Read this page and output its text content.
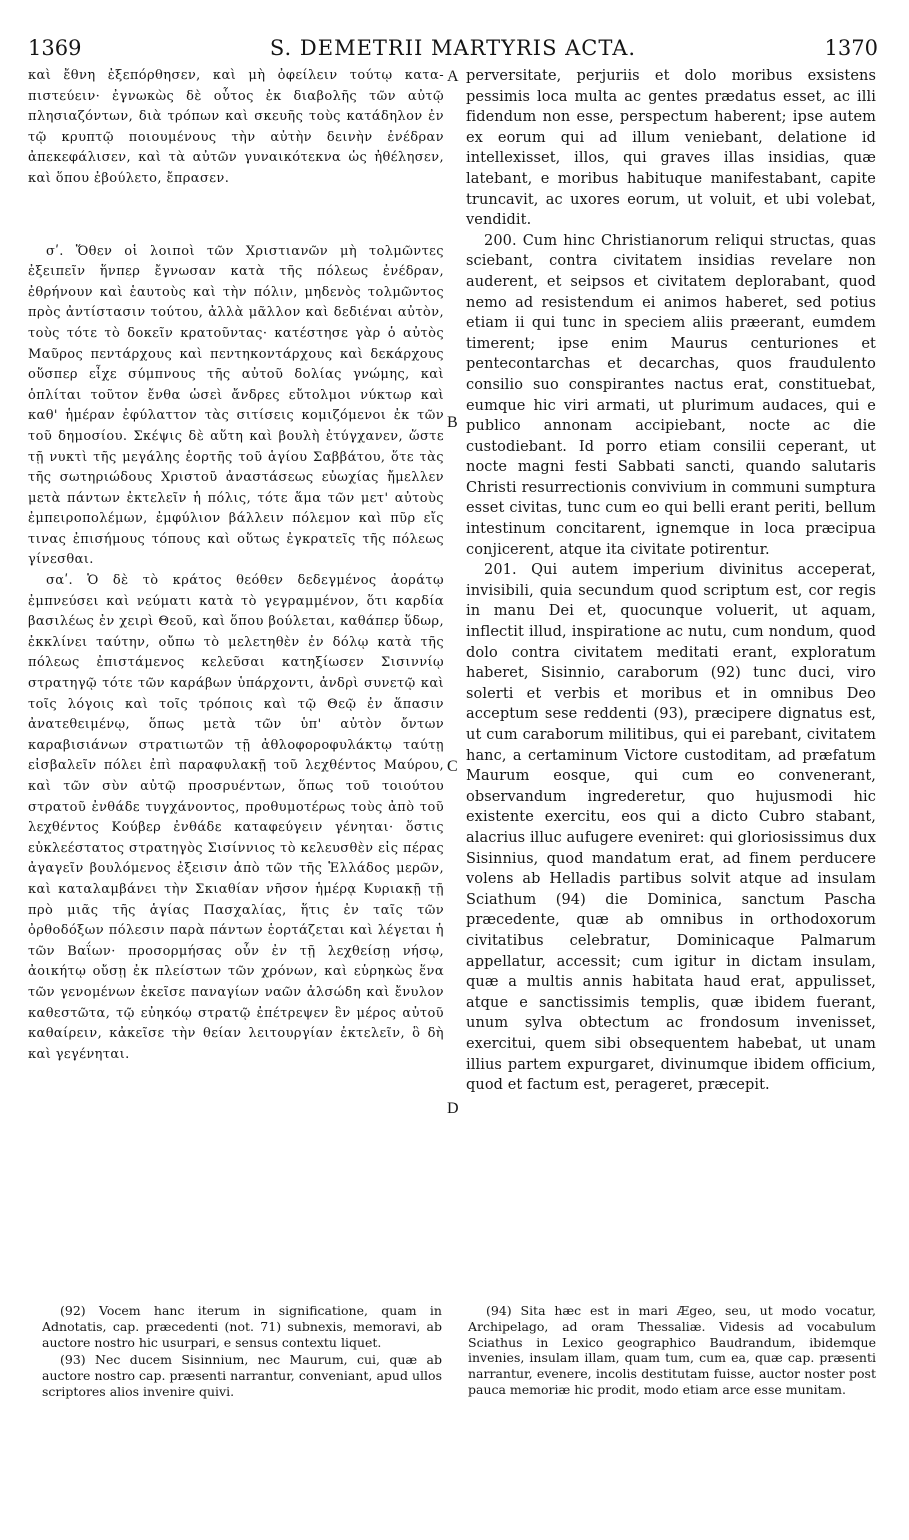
1369	S. DEMETRII MARTYRIS ACTA.	1370

καὶ ἔθνη ἐξεπόρθησεν, καὶ μὴ ὀφείλειν τούτῳ κατα-πιστεύειν· ἐγνωκὼς δὲ οὗτος ἐκ διαβολῆς τῶν αὐτῷ πλησιαζόντων, διὰ τρόπων καὶ σκευῆς τοὺς κατάδηλον ἐν τῷ κρυπτῷ ποιουμένους τὴν αὐτὴν δεινὴν ἐνέδραν ἀπεκεφάλισεν, καὶ τὰ αὐτῶν γυναικότεκνα ὡς ἠθέλησεν, καὶ ὅπου ἐβούλετο, ἔπρασεν.

σʹ. Ὅθεν οἱ λοιποὶ τῶν Χριστιανῶν μὴ τολμῶντες ἐξειπεῖν ἥνπερ ἔγνωσαν κατὰ τῆς πόλεως ἐνέδραν, ἐθρήνουν καὶ ἑαυτοὺς καὶ τὴν πόλιν, μηδενὸς τολμῶντος πρὸς ἀντίστασιν τούτου, ἀλλὰ μᾶλλον καὶ δεδιέναι αὐτὸν, τοὺς τότε τὸ δοκεῖν κρατοῦντας· κατέστησε γὰρ ὁ αὐτὸς Μαῦρος πεντάρχους καὶ πεντηκοντάρχους καὶ δεκάρχους οὕσπερ εἶχε σύμπνους τῆς αὐτοῦ δολίας γνώμης, καὶ ὁπλίται τοῦτον ἔνθα ὡσεὶ ἄνδρες εὔτολμοι νύκτωρ καὶ καθ' ἡμέραν ἐφύλαττον τὰς σιτίσεις κομιζόμενοι ἐκ τῶν τοῦ δημοσίου. Σκέψις δὲ αὕτη καὶ βουλὴ ἐτύγχανεν, ὥστε τῇ νυκτὶ τῆς μεγάλης ἑορτῆς τοῦ ἁγίου Σαββάτου, ὅτε τὰς τῆς σωτηριώδους Χριστοῦ ἀναστάσεως εὐωχίας ἤμελλεν μετὰ πάντων ἐκτελεῖν ἡ πόλις, τότε ἅμα τῶν μετ' αὐτοὺς ἐμπειροπολέμων, ἐμφύλιον βάλλειν πόλεμον καὶ πῦρ εἴς τινας ἐπισήμους τόπους καὶ οὕτως ἐγκρατεῖς τῆς πόλεως γίνεσθαι.

σαʹ. Ὁ δὲ τὸ κράτος θεόθεν δεδεγμένος ἀοράτῳ ἐμπνεύσει καὶ νεύματι κατὰ τὸ γεγραμμένον, ὅτι καρδία βασιλέως ἐν χειρὶ Θεοῦ, καὶ ὅπου βούλεται, καθάπερ ὕδωρ, ἐκκλίνει ταύτην, οὔπω τὸ μελετηθὲν ἐν δόλῳ κατὰ τῆς πόλεως ἐπιστάμενος κελεῦσαι κατηξίωσεν Σισιννίῳ στρατηγῷ τότε τῶν καράβων ὑπάρχοντι, ἀνδρὶ συνετῷ καὶ τοῖς λόγοις καὶ τοῖς τρόποις καὶ τῷ Θεῷ ἐν ἅπασιν ἀνατεθειμένῳ, ὅπως μετὰ τῶν ὑπ' αὐτὸν ὄντων καραβισιάνων στρατιωτῶν τῇ ἀθλοφοροφυλάκτῳ ταύτῃ εἰσβαλεῖν πόλει ἐπὶ παραφυλακῇ τοῦ λεχθέντος Μαύρου, καὶ τῶν σὺν αὐτῷ προσρυέντων, ὅπως τοῦ τοιούτου στρατοῦ ἐνθάδε τυγχάνοντος, προθυμοτέρως τοὺς ἀπὸ τοῦ λεχθέντος Κούβερ ἐνθάδε καταφεύγειν γένηται· ὅστις εὐκλεέστατος στρατηγὸς Σισίννιος τὸ κελευσθὲν εἰς πέρας ἀγαγεῖν βουλόμενος ἐξεισιν ἀπὸ τῶν τῆς Ἑλλάδος μερῶν, καὶ καταλαμβάνει τὴν Σκιαθίαν νῆσον ἡμέρᾳ Κυριακῇ τῇ πρὸ μιᾶς τῆς ἁγίας Πασχαλίας, ἥτις ἐν ταῖς τῶν ὀρθοδόξων πόλεσιν παρὰ πάντων ἑορτάζεται καὶ λέγεται ἡ τῶν Βαΐων· προσορμήσας οὖν ἐν τῇ λεχθείσῃ νήσῳ, ἀοικήτῳ οὔσῃ ἐκ πλείστων τῶν χρόνων, καὶ εὑρηκὼς ἕνα τῶν γενομένων ἐκεῖσε παναγίων ναῶν ἀλσώδη καὶ ἔνυλον καθεστῶτα, τῷ εὐηκόῳ στρατῷ ἐπέτρεψεν ἓν μέρος αὐτοῦ καθαίρειν, κἀκεῖσε τὴν θείαν λειτουργίαν ἐκτελεῖν, ὃ δὴ καὶ γεγένηται.

A
B
C
D

perversitate, perjuriis et dolo moribus exsistens pessimis loca multa ac gentes prædatus esset, ac illi fidendum non esse, perspectum haberent; ipse autem ex eorum qui ad illum veniebant, delatione id intellexisset, illos, qui graves illas insidias, quæ latebant, e moribus habituque manifestabant, capite truncavit, ac uxores eorum, ut voluit, et ubi volebat, vendidit.

200. Cum hinc Christianorum reliqui structas, quas sciebant, contra civitatem insidias revelare non auderent, et seipsos et civitatem deplorabant, quod nemo ad resistendum ei animos haberet, sed potius etiam ii qui tunc in speciem aliis præerant, eumdem timerent; ipse enim Maurus centuriones et pentecontarchas et decarchas, quos fraudulento consilio suo conspirantes nactus erat, constituebat, eumque hic viri armati, ut plurimum audaces, qui e publico annonam accipiebant, nocte ac die custodiebant. Id porro etiam consilii ceperant, ut nocte magni festi Sabbati sancti, quando salutaris Christi resurrectionis convivium in communi sumptura esset civitas, tunc cum eo qui belli erant periti, bellum intestinum concitarent, ignemque in loca præcipua conjicerent, atque ita civitate potirentur.

201. Qui autem imperium divinitus acceperat, invisibili, quia secundum quod scriptum est, cor regis in manu Dei et, quocunque voluerit, ut aquam, inflectit illud, inspiratione ac nutu, cum nondum, quod dolo contra civitatem meditati erant, exploratum haberet, Sisinnio, caraborum (92) tunc duci, viro solerti et verbis et moribus et in omnibus Deo acceptum sese reddenti (93), præcipere dignatus est, ut cum caraborum militibus, qui ei parebant, civitatem hanc, a certaminum Victore custoditam, ad præfatum Maurum eosque, qui cum eo convenerant, observandum ingrederetur, quo hujusmodi hic existente exercitu, eos qui a dicto Cubro stabant, alacrius illuc aufugere eveniret: qui gloriosissimus dux Sisinnius, quod mandatum erat, ad finem perducere volens ab Helladis partibus solvit atque ad insulam Sciathum (94) die Dominica, sanctum Pascha præcedente, quæ ab omnibus in orthodoxorum civitatibus celebratur, Dominicaque Palmarum appellatur, accessit; cum igitur in dictam insulam, quæ a multis annis habitata haud erat, appulisset, atque e sanctissimis templis, quæ ibidem fuerant, unum sylva obtectum ac frondosum invenisset, exercitui, quem sibi obsequentem habebat, ut unam illius partem expurgaret, divinumque ibidem officium, quod et factum est, perageret, præcepit.

(92) Vocem hanc iterum in significatione, quam in Adnotatis, cap. præcedenti (not. 71) subnexis, memoravi, ab auctore nostro hic usurpari, e sensus contextu liquet.

(93) Nec ducem Sisinnium, nec Maurum, cui, quæ ab auctore nostro cap. præsenti narrantur, conveniant, apud ullos scriptores alios invenire quivi.

(94) Sita hæc est in mari Ægeo, seu, ut modo vocatur, Archipelago, ad oram Thessaliæ. Videsis ad vocabulum Sciathus in Lexico geographico Baudrandum, ibidemque invenies, insulam illam, quam tum, cum ea, quæ cap. præsenti narrantur, evenere, incolis destitutam fuisse, auctor noster post pauca memoriæ hic prodit, modo etiam arce esse munitam.
